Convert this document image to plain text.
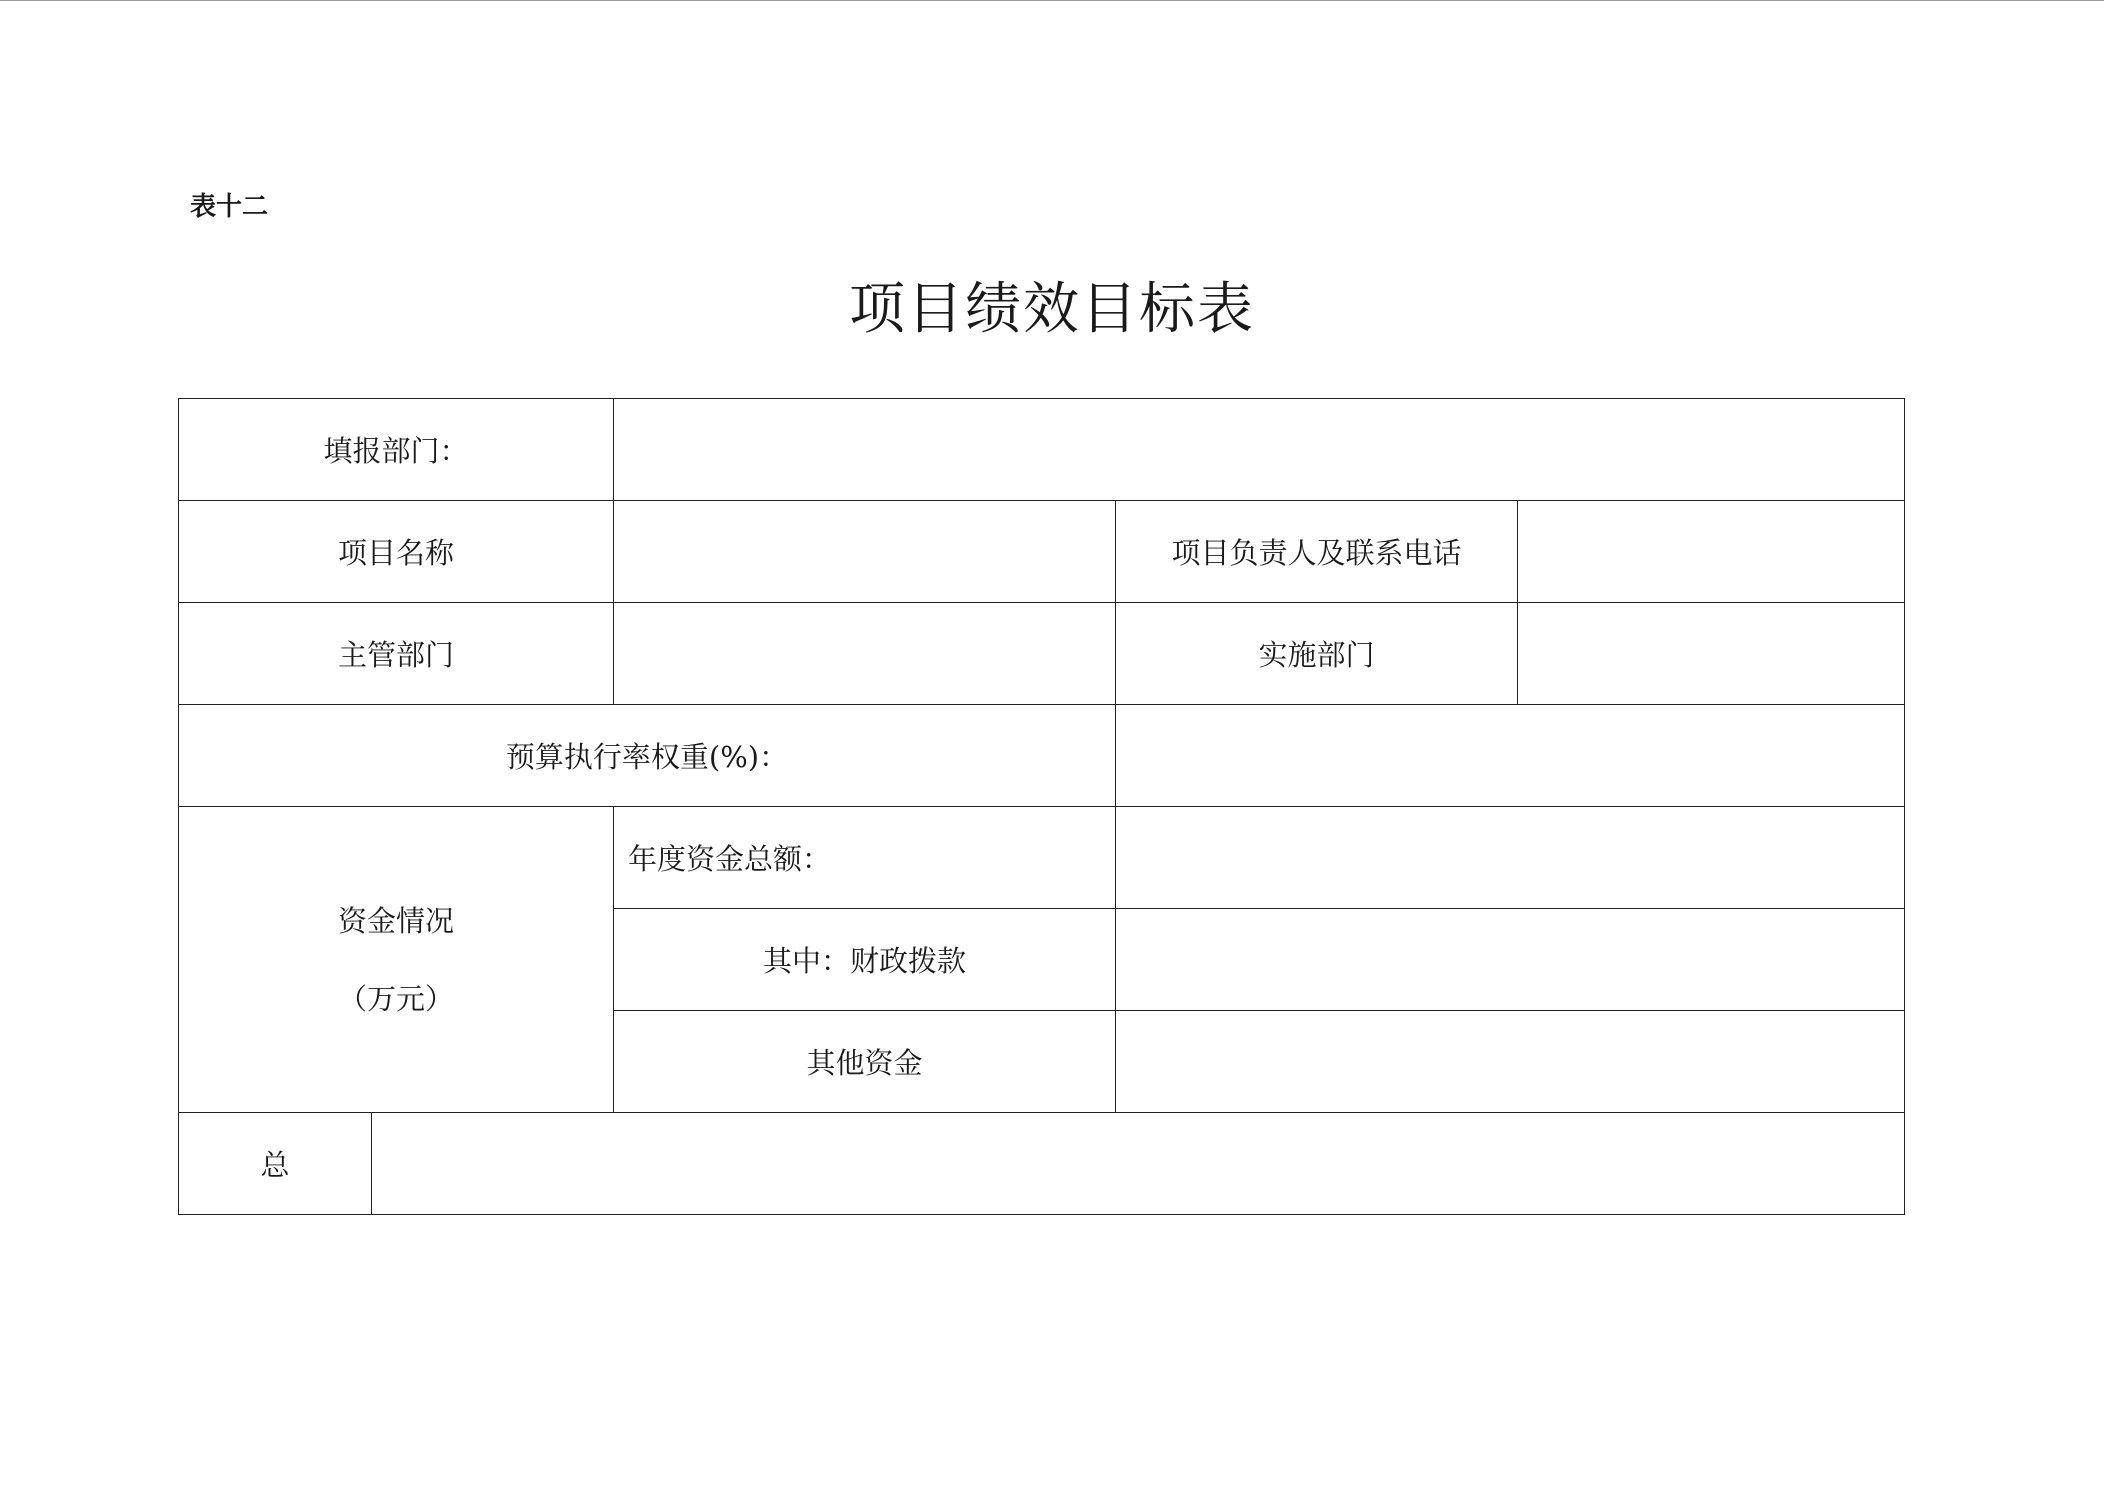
表十二
项目绩效目标表
填报部门：				
项目名称			项目负责人及联系电话	
主管部门			实施部门	
预算执行率权重(%)：				

资金情况
（万元）		年度资金总额：		
		其中：财政拨款		
		其他资金		
总				
